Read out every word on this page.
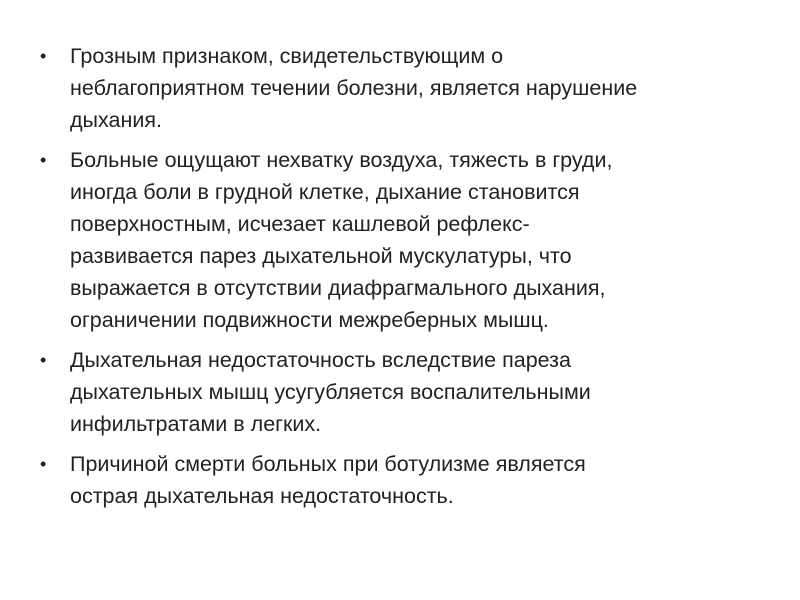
• Грозным признаком, свидетельствующим о
неблагоприятном течении болезни, является нарушение
дыхания.
• Больные ощущают нехватку воздуха, тяжесть в груди,
иногда боли в грудной клетке, дыхание становится
поверхностным, исчезает кашлевой рефлекс-
развивается парез дыхательной мускулатуры, что
выражается в отсутствии диафрагмального дыхания,
ограничении подвижности межреберных мышц.
• Дыхательная недостаточность вследствие пареза
дыхательных мышц усугубляется воспалительными
инфильтратами в легких.
• Причиной смерти больных при ботулизме является
острая дыхательная недостаточность.
